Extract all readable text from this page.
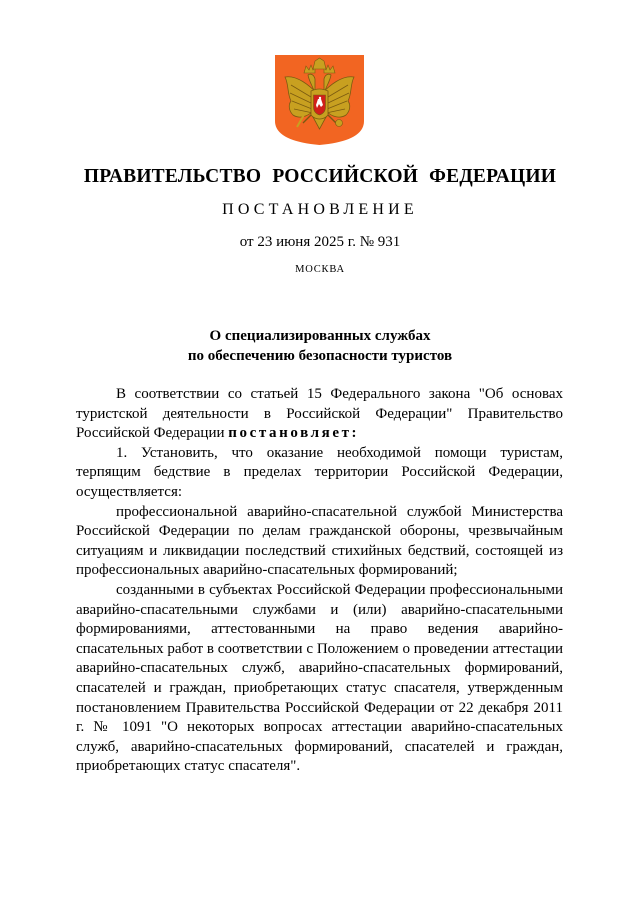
ПРАВИТЕЛЬСТВО РОССИЙСКОЙ ФЕДЕРАЦИИ
ПОСТАНОВЛЕНИЕ
от 23 июня 2025 г. № 931
МОСКВА
О специализированных службах
по обеспечению безопасности туристов

В соответствии со статьей 15 Федерального закона "Об основах туристской деятельности в Российской Федерации" Правительство Российской Федерации постановляет:

1. Установить, что оказание необходимой помощи туристам, терпящим бедствие в пределах территории Российской Федерации, осуществляется:

профессиональной аварийно-спасательной службой Министерства Российской Федерации по делам гражданской обороны, чрезвычайным ситуациям и ликвидации последствий стихийных бедствий, состоящей из профессиональных аварийно-спасательных формирований;

созданными в субъектах Российской Федерации профессиональными аварийно-спасательными службами и (или) аварийно-спасательными формированиями, аттестованными на право ведения аварийно-спасательных работ в соответствии с Положением о проведении аттестации аварийно-спасательных служб, аварийно-спасательных формирований, спасателей и граждан, приобретающих статус спасателя, утвержденным постановлением Правительства Российской Федерации от 22 декабря 2011 г. № 1091 "О некоторых вопросах аттестации аварийно-спасательных служб, аварийно-спасательных формирований, спасателей и граждан, приобретающих статус спасателя".
